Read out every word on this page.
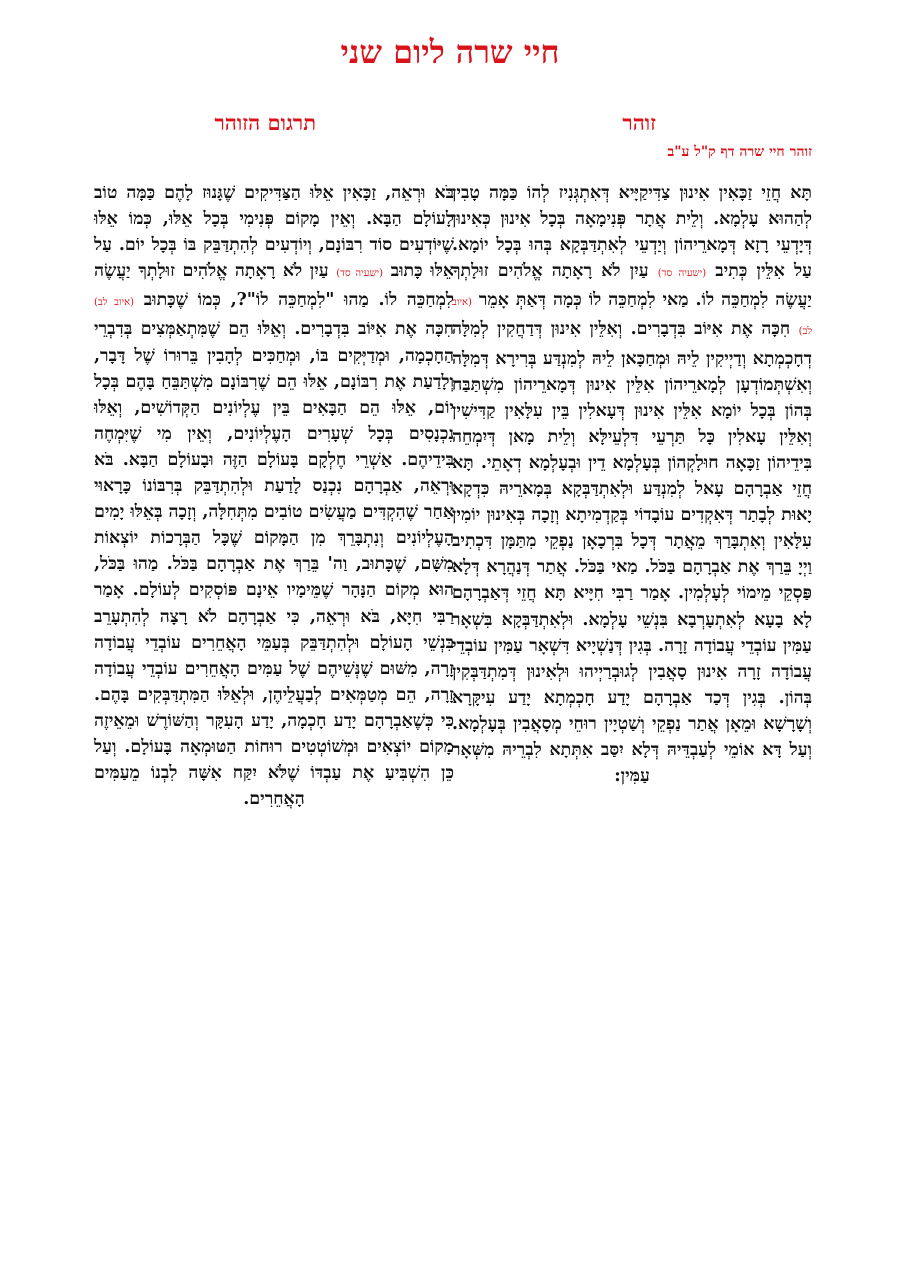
חיי שרה ליום שני
זוהר
תרגום הזוהר
זוהר חיי שרה דף ק"ל ע"ב
תָּא חֲזֵי זַכָּאִין אִינוּן צַדִּיקַיָּיא דְּאִתְגְּנִיז לְהוֹ כַּמָּה טָבִין לְהַהוּא עָלְמָא. וְלֵית אֲתָר פְּנִימָאָה בְּכָל אִינוּן כְּאִינוּן דְּיָדְעֵי רָזָא דְּמָארֵיהוֹן וְיַדְעֵי לְאִתְדַּבְּקָא בְּהוּ בְּכָל יוֹמָא. עַל אִלֵּין כְּתִיב (ישעיה סד) עַיִן לֹא רָאָתָה אֱלֹהִים זוּלָתְךָ יַעֲשֶׂה לִמְחַכֵּה לוֹ. מַאי לִמְחַכֵּה לוֹ כְּמָה דְּאַתְּ אָמֵר (איוב לב) חִכָּה אֶת אִיּוֹב בִּדְבָרִים. וְאִלֵּין אִינוּן דְּדַחֲקִין לְמִלָּה דְחָכְמְתָא וְדַיְיקִין לֵיהּ וּמְחַכָּאן לֵיהּ לְמִנְדַּע בְּרִירָא דְּמִלָּה וְאִשְׁתְּמוֹדְעָן לְמָארֵיהוֹן אִלֵּין אִינוּן דְּמָארֵיהוֹן מִשְׁתַּבַּח בְּהוֹן בְּכָל יוֹמָא אִלֵּין אִינוּן דְּעָאלִין בֵּין עִלָּאִין קַדִּישִׁין וְאִלֵּין עָאלִין כָּל תַּרְעֵי דִּלְעֵילָּא וְלֵית מָאן דְּיִמְחֵה בִּידֵיהוֹן זַכָּאָה חוּלָקְהוֹן בְּעָלְמָא דֵין וּבְעָלְמָא דְאָתֵי. תָּא חֲזֵי אַבְרָהָם עָאל לְמִנְדַּע וּלְאִתְדַּבְּקָא בְּמָארֵיהּ כִּדְקָא יָאוּת לְבָתַר דְּאִקְדִים עוֹבָדוֹי בְּקַדְמִיתָא וְזָכָה בְּאִינוּן יוֹמִין עִלָּאִין וְאִתְבָּרַךְ מֵאֲתָר דְּכָל בִּרְכָאָן נַפְקֵי מִתַּמָּן דִּכְתִיב וַיְיָ בֵּרַךְ אֶת אַבְרָהָם בַּכֹּל. מַאי בַּכֹּל. אֲתַר דְּנַהֲרָא דְּלָא פַּסְקֵי מֵימוֹי לְעָלְמִין. אָמַר רַבִּי חִיָּיא תָּא חֲזֵי דְּאַבְרָהָם לָא בָעָא לְאִתְעָרְבָא בִּנְשֵׁי עָלְמָא. וּלְאִתְדַּבְּקָא בִּשְׁאָר עַמִּין עוֹבְדֵי עֲבוֹדָה זָרָה. בְּגִין דְּנַשְׁיָיא דִּשְׁאָר עַמִּין עוֹבְדֵי עֲבוֹדָה זָרָה אִינוּן סָאֲבִין לְגוּבְרַיְיהוּ וּלְאִינוּן דְּמִתְדַּבְּקִין בְּהוֹן. בְּגִין דְּכַד אַבְרָהָם יָדַע חָכְמְתָא יָדַע עִיקָּרָא וְשָׁרָשָׁא וּמֵאָן אֲתַר נַפְקֵי וְשַׁטְיָין רוּחֵי מְסָאֲבִין בְּעָלְמָא. וְעַל דָּא אוֹמֵי לְעַבְדֵּיהּ דְּלָא יִסַּב אִתְּתָא לִבְרֵיהּ מִשְּׁאָר עַמִּין:
בֹּא וּרְאֵה, זַכָּאִין אֵלּוּ הַצַּדִּיקִים שֶׁגָּנוּז לָהֶם כַּמָּה טוֹב לָעוֹלָם הַבָּא. וְאֵין מָקוֹם פְּנִימִי בְּכָל אֵלּוּ, כְּמוֹ אֵלּוּ שֶׁיּוֹדְעִים סוֹד רִבּוֹנָם, וְיוֹדְעִים לְהִתְדַּבֵּק בּוֹ בְּכָל יוֹם. עַל אֵלּוּ כָּתוּב (ישעיה סד) עַיִן לֹא רָאָתָה אֱלֹהִים זוּלָתְךָ יַעֲשֶׂה לִמְחַכֵּה לוֹ. מַהוּ "לִמְחַכֵּה לוֹ"?, כְּמוֹ שֶׁכָּתוּב (איוב לב) חִכָּה אֶת אִיּוֹב בִּדְבָרִים. וְאֵלּוּ הֵם שֶׁמִּתְאַמְּצִים בְּדִבְרֵי הַחָכְמָה, וּמְדַיְּקִים בּוֹ, וּמְחַכִּים לְהָבִין בֵּרוּרוֹ שֶׁל דָּבָר, וְלָדַעַת אֶת רִבּוֹנָם, אֵלּוּ הֵם שֶׁרִבּוֹנָם מִשְׁתַּבֵּחַ בָּהֶם בְּכָל יוֹם, אֵלּוּ הֵם הַבָּאִים בֵּין עֶלְיוֹנִים הַקְּדוֹשִׁים, וְאֵלּוּ נִכְנָסִים בְּכָל שְׁעָרִים הָעֶלְיוֹנִים, וְאֵין מִי שֶׁיִּמְחֶה בִּידֵיהֶם. אַשְׁרֵי חֶלְקָם בָּעוֹלָם הַזֶּה וּבָעוֹלָם הַבָּא. בֹּא וּרְאֵה, אַבְרָהָם נִכְנַס לָדַעַת וּלְהִתְדַּבֵּק בְּרִבּוֹנוֹ כָּרָאוּי אַחַר שֶׁהִקְדִּים מַעֲשִׂים טוֹבִים מִתְּחִלָּה, וְזָכָה בְּאֵלּוּ יָמִים הָעֶלְיוֹנִים וְנִתְבָּרֵךְ מִן הַמָּקוֹם שֶׁכָּל הַבְּרָכוֹת יוֹצְאוֹת מִשָּׁם, שֶׁכָּתוּב, וַה' בֵּרַךְ אֶת אַבְרָהָם בַּכֹּל. מַהוּ בַּכֹּל, הוּא מְקוֹם הַנָּהָר שֶׁמֵּימָיו אֵינָם פּוֹסְקִים לְעוֹלָם. אָמַר רַבִּי חִיָּא, בֹּא וּרְאֵה, כִּי אַבְרָהָם לֹא רָצָה לְהִתְעָרֵב בִּנְשֵׁי הָעוֹלָם וּלְהִתְדַּבֵּק בְּעַמֵּי הָאֲחֵרִים עוֹבְדֵי עֲבוֹדָה זָרָה, מִשּׁוּם שֶׁנְּשֵׁיהֶם שֶׁל עַמִּים הָאֲחֵרִים עוֹבְדֵי עֲבוֹדָה זָרָה, הֵם מְטַמְּאִים לְבַעֲלֵיהֶן, וּלְאֵלּוּ הַמִּתְדַּבְּקִים בָּהֶם. כִּי כְּשֶׁאַבְרָהָם יָדַע חָכְמָה, יָדַע הָעִקָּר וְהַשּׁוֹרֶשׁ וּמֵאֵיזֶה מָקוֹם יוֹצְאִים וּמְשׁוֹטְטִים רוּחוֹת הַטּוּמְאָה בָּעוֹלָם. וְעַל כֵּן הִשְׁבִּיעַ אֶת עַבְדּוֹ שֶׁלֹּא יִקַּח אִשָּׁה לִבְנוֹ מֵעַמִּים הָאֲחֵרִים.
